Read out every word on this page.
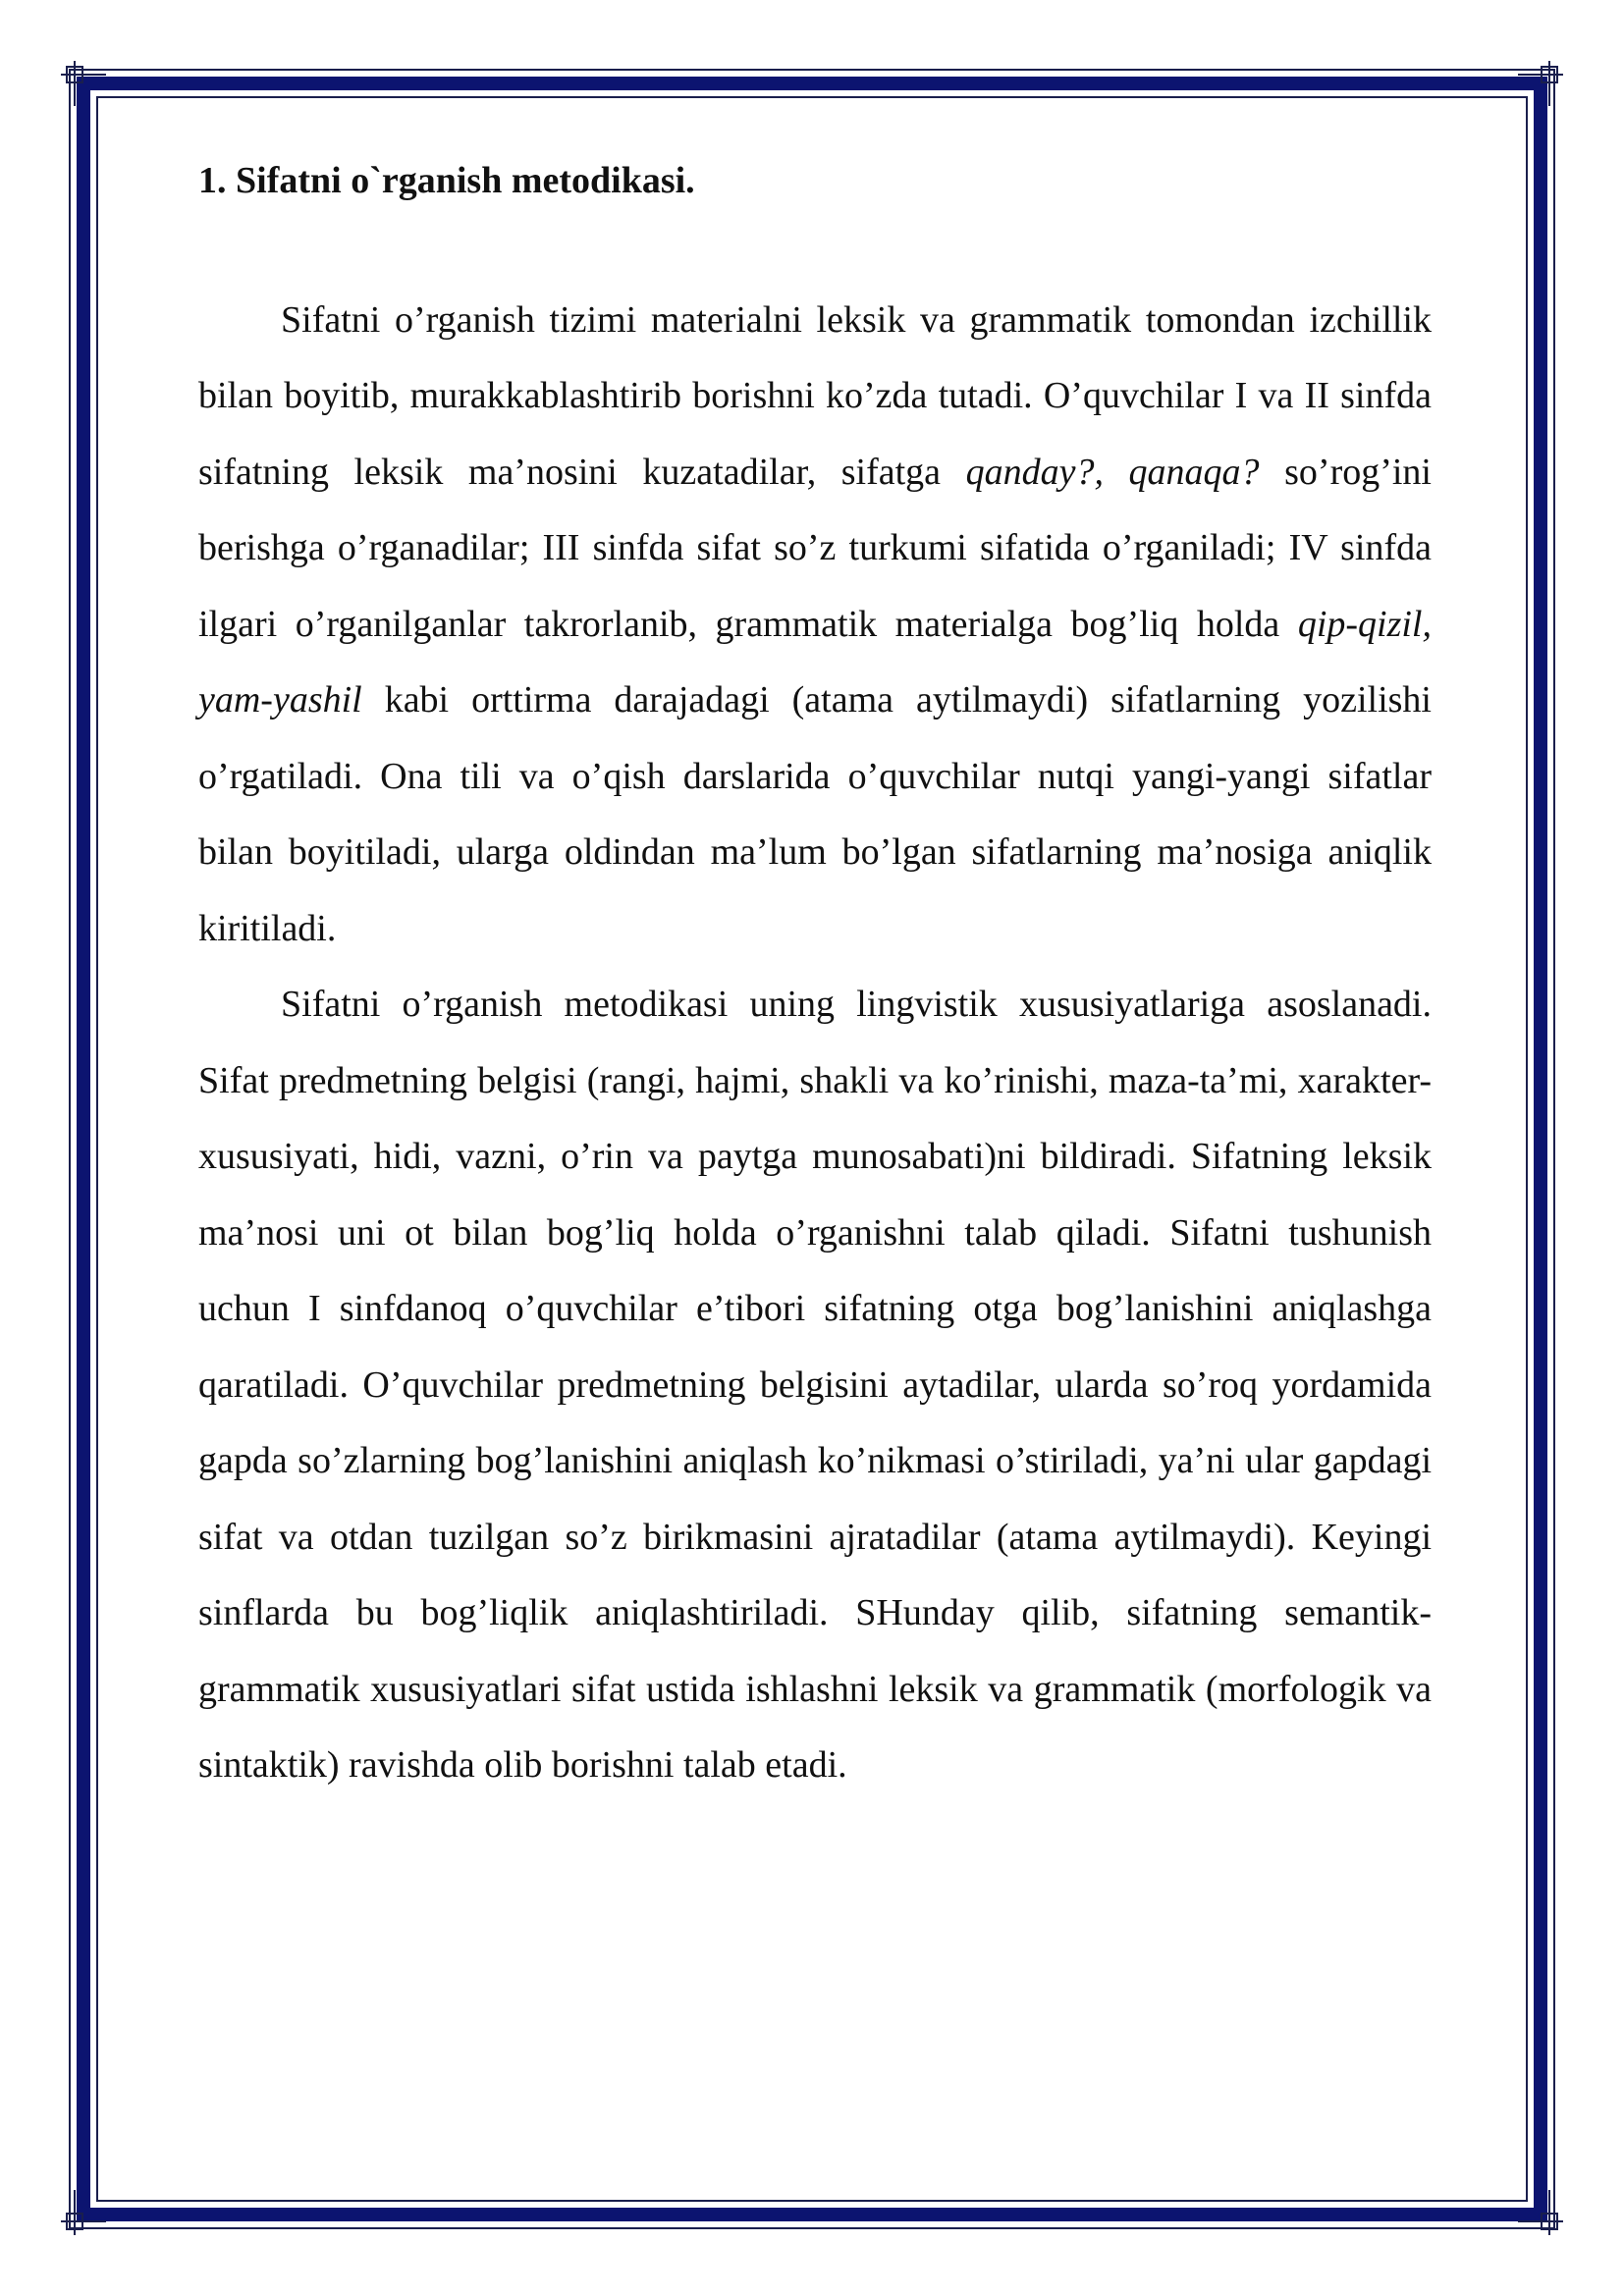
1. Sifatni o`rganish metodikasi.

Sifatni o’rganish tizimi materialni leksik va grammatik tomondan izchillik bilan boyitib, murakkablashtirib borishni ko’zda tutadi. O’quvchilar I va II sinfda sifatning leksik ma’nosini kuzatadilar, sifatga qanday?, qanaqa? so’rog’ini berishga o’rganadilar; III sinfda sifat so’z turkumi sifatida o’rganiladi; IV sinfda ilgari o’rganilganlar takrorlanib, grammatik materialga bog’liq holda qip-qizil, yam-yashil kabi orttirma darajadagi (atama aytilmaydi) sifatlarning yozilishi o’rgatiladi. Ona tili va o’qish darslarida o’quvchilar nutqi yangi-yangi sifatlar bilan boyitiladi, ularga oldindan ma’lum bo’lgan sifatlarning ma’nosiga aniqlik kiritiladi.

Sifatni o’rganish metodikasi uning lingvistik xususiyatlariga asoslanadi. Sifat predmetning belgisi (rangi, hajmi, shakli va ko’rinishi, maza-ta’mi, xarakter-xususiyati, hidi, vazni, o’rin va paytga munosabati)ni bildiradi. Sifatning leksik ma’nosi uni ot bilan bog’liq holda o’rganishni talab qiladi. Sifatni tushunish uchun I sinfdanoq o’quvchilar e’tibori sifatning otga bog’lanishini aniqlashga qaratiladi. O’quvchilar predmetning belgisini aytadilar, ularda so’roq yordamida gapda so’zlarning bog’lanishini aniqlash ko’nikmasi o’stiriladi, ya’ni ular gapdagi sifat va otdan tuzilgan so’z birikmasini ajratadilar (atama aytilmaydi). Keyingi sinflarda bu bog’liqlik aniqlashtiriladi. SHunday qilib, sifatning semantik-grammatik xususiyatlari sifat ustida ishlashni leksik va grammatik (morfologik va sintaktik) ravishda olib borishni talab etadi.
